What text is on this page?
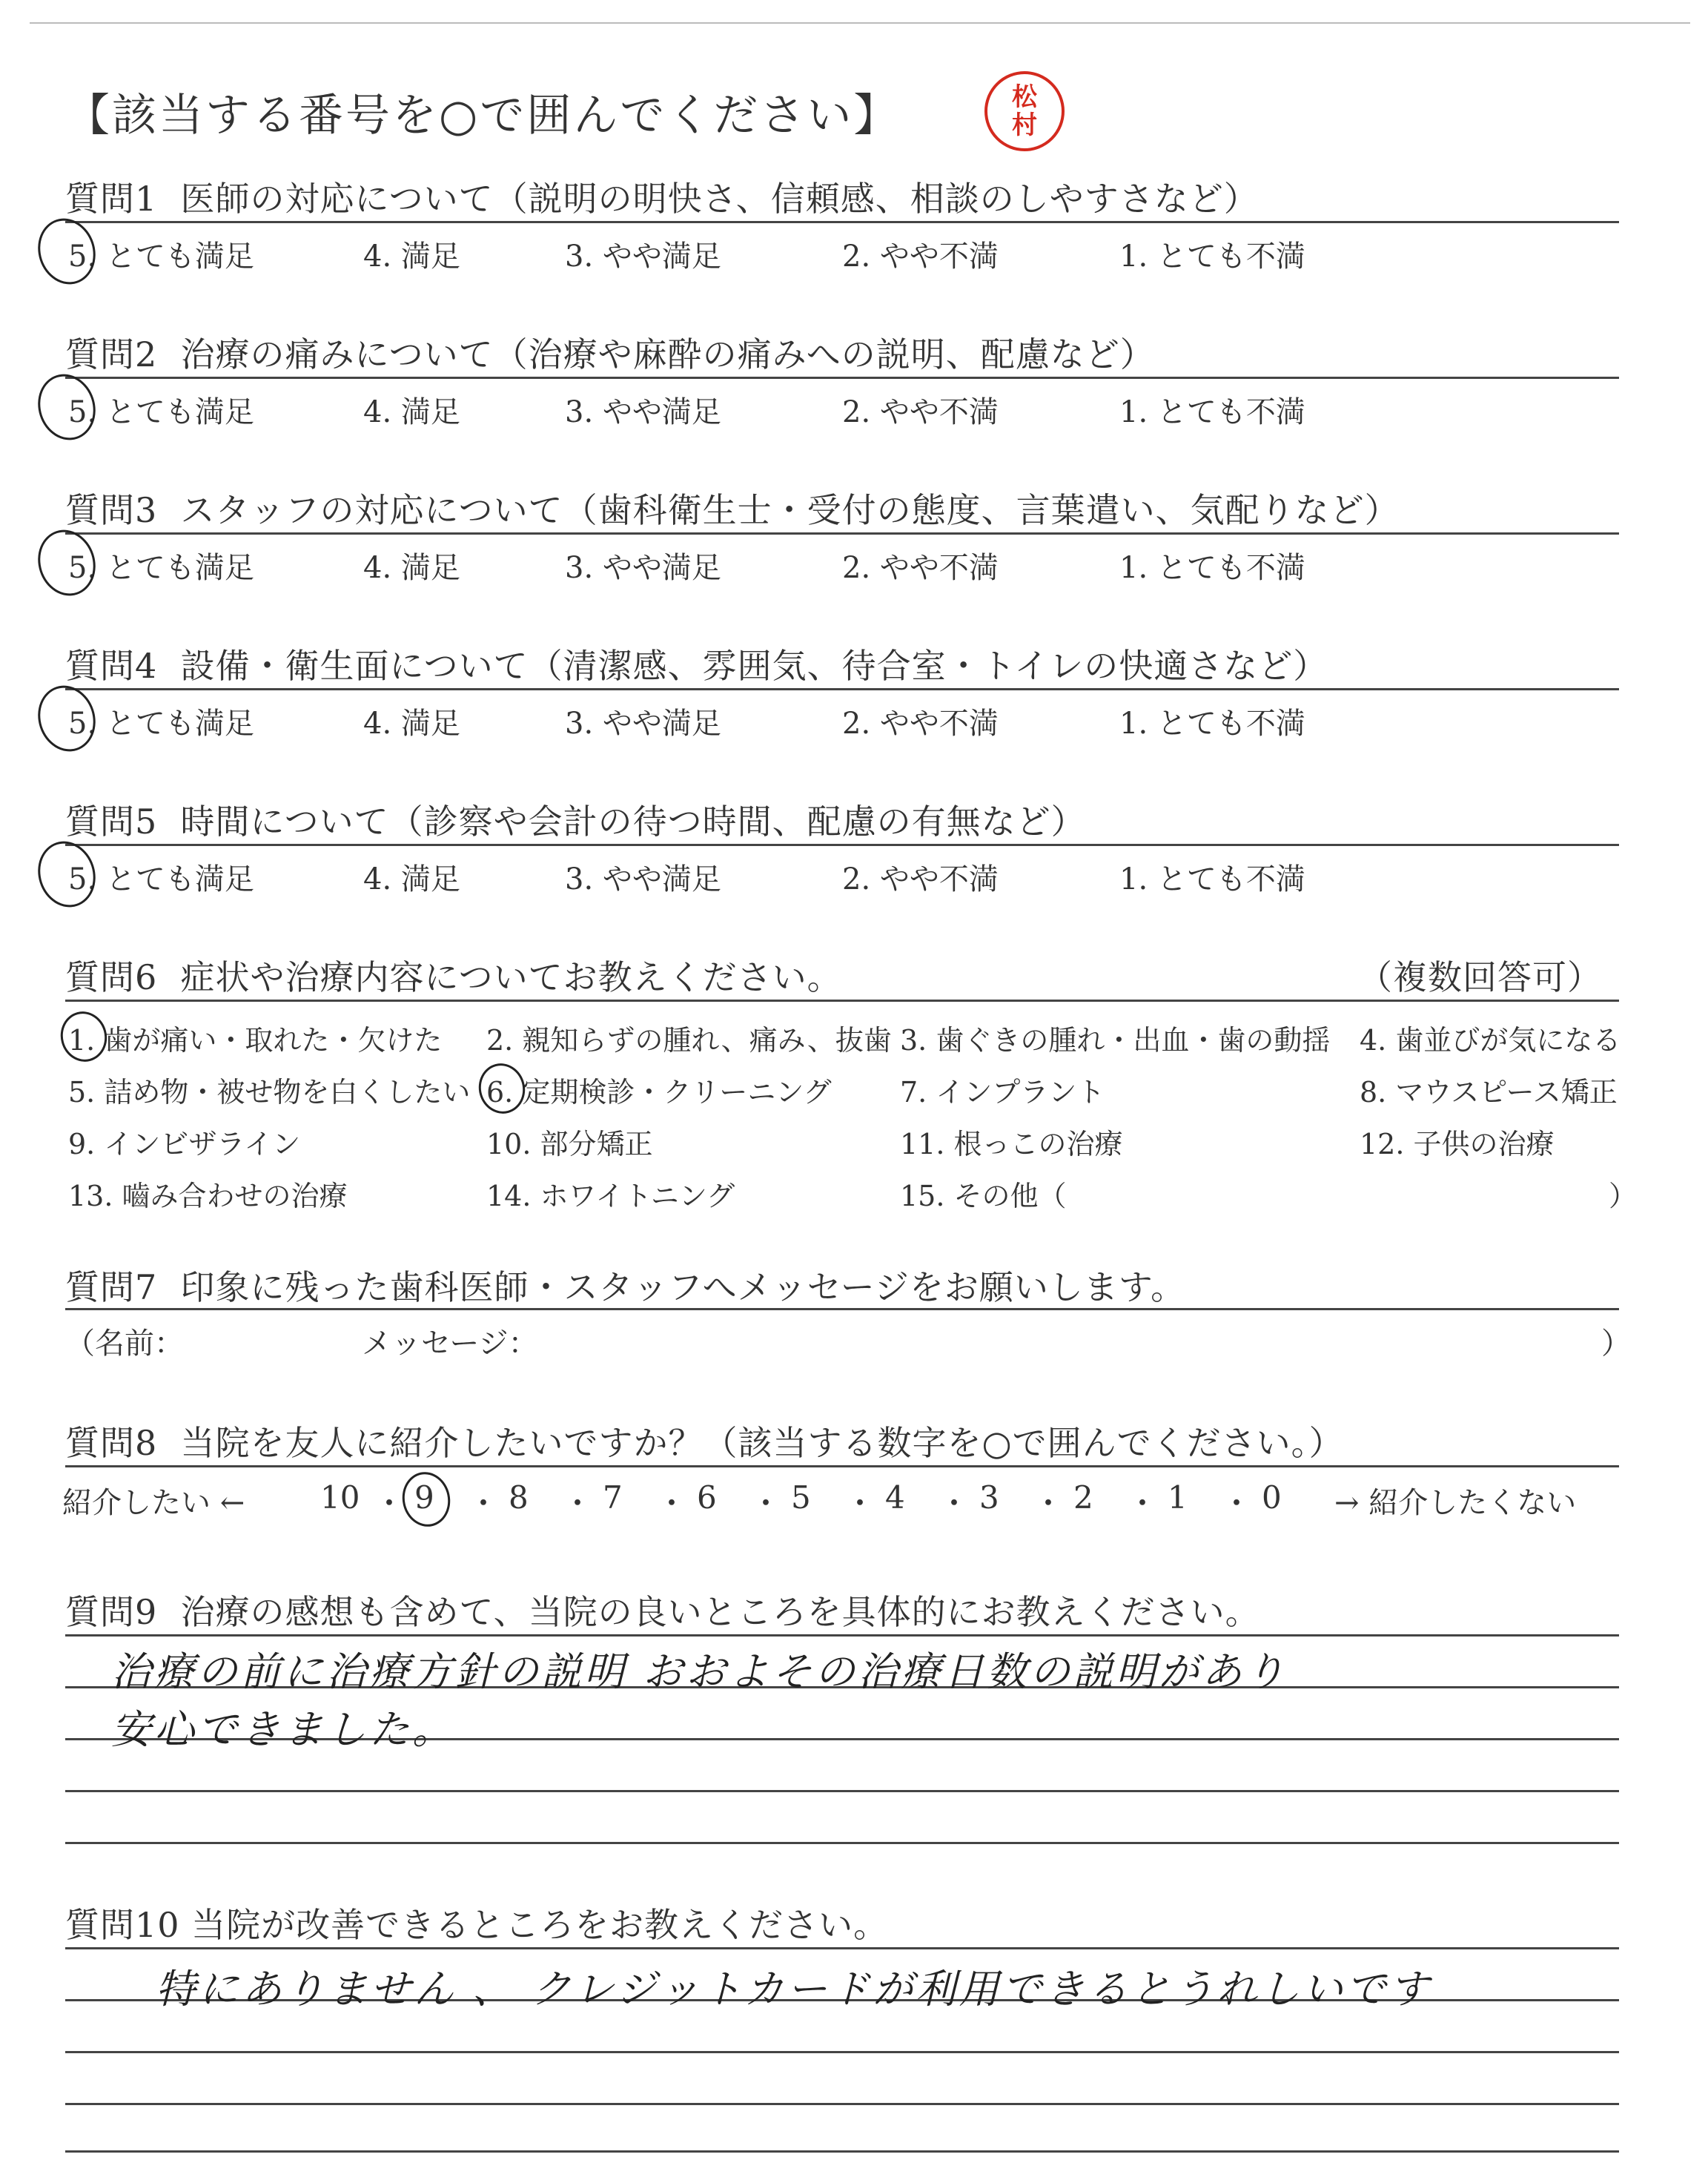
【該当する番号を○で囲んでください】	松
村
質問1 医師の対応について（説明の明快さ、信頼感、相談のしやすさなど）
5. とても満足	4. 満足	3. やや満足	2. やや不満	1. とても不満
質問2 治療の痛みについて（治療や麻酔の痛みへの説明、配慮など）
5. とても満足	4. 満足	3. やや満足	2. やや不満	1. とても不満
質問3 スタッフの対応について（歯科衛生士・受付の態度、言葉遣い、気配りなど）
5. とても満足	4. 満足	3. やや満足	2. やや不満	1. とても不満
質問4 設備・衛生面について（清潔感、雰囲気、待合室・トイレの快適さなど）
5. とても満足	4. 満足	3. やや満足	2. やや不満	1. とても不満
質問5 時間について（診察や会計の待つ時間、配慮の有無など）
5. とても満足	4. 満足	3. やや満足	2. やや不満	1. とても不満
質問6 症状や治療内容についてお教えください。	（複数回答可）
1. 歯が痛い・取れた・欠けた 2. 親知らずの腫れ、痛み、抜歯 3. 歯ぐきの腫れ・出血・歯の動揺 4. 歯並びが気になる
5. 詰め物・被せ物を白くしたい 6. 定期検診・クリーニング 7. インプラント	8. マウスピース矯正
9. インビザライン	10. 部分矯正	11. 根っこの治療	12. 子供の治療
13. 嚙み合わせの治療	14. ホワイトニング	15. その他（	）
質問7 印象に残った歯科医師・スタッフへメッセージをお願いします。
（名前：	メッセージ：	）
質問8 当院を友人に紹介したいですか？（該当する数字を○で囲んでください。）
紹介したい ←	→ 紹介したくない
10 ・ 9 ・ 8 ・ 7 ・ 6 ・ 5 ・ 4 ・ 3 ・ 2 ・ 1 ・ 0
質問9 治療の感想も含めて、当院の良いところを具体的にお教えください。
治療の前に治療方針の説明 おおよその治療日数の説明があり
安心できました。
質問10 当院が改善できるところをお教えください。
特にありません 、 クレジットカードが利用できるとうれしいです
